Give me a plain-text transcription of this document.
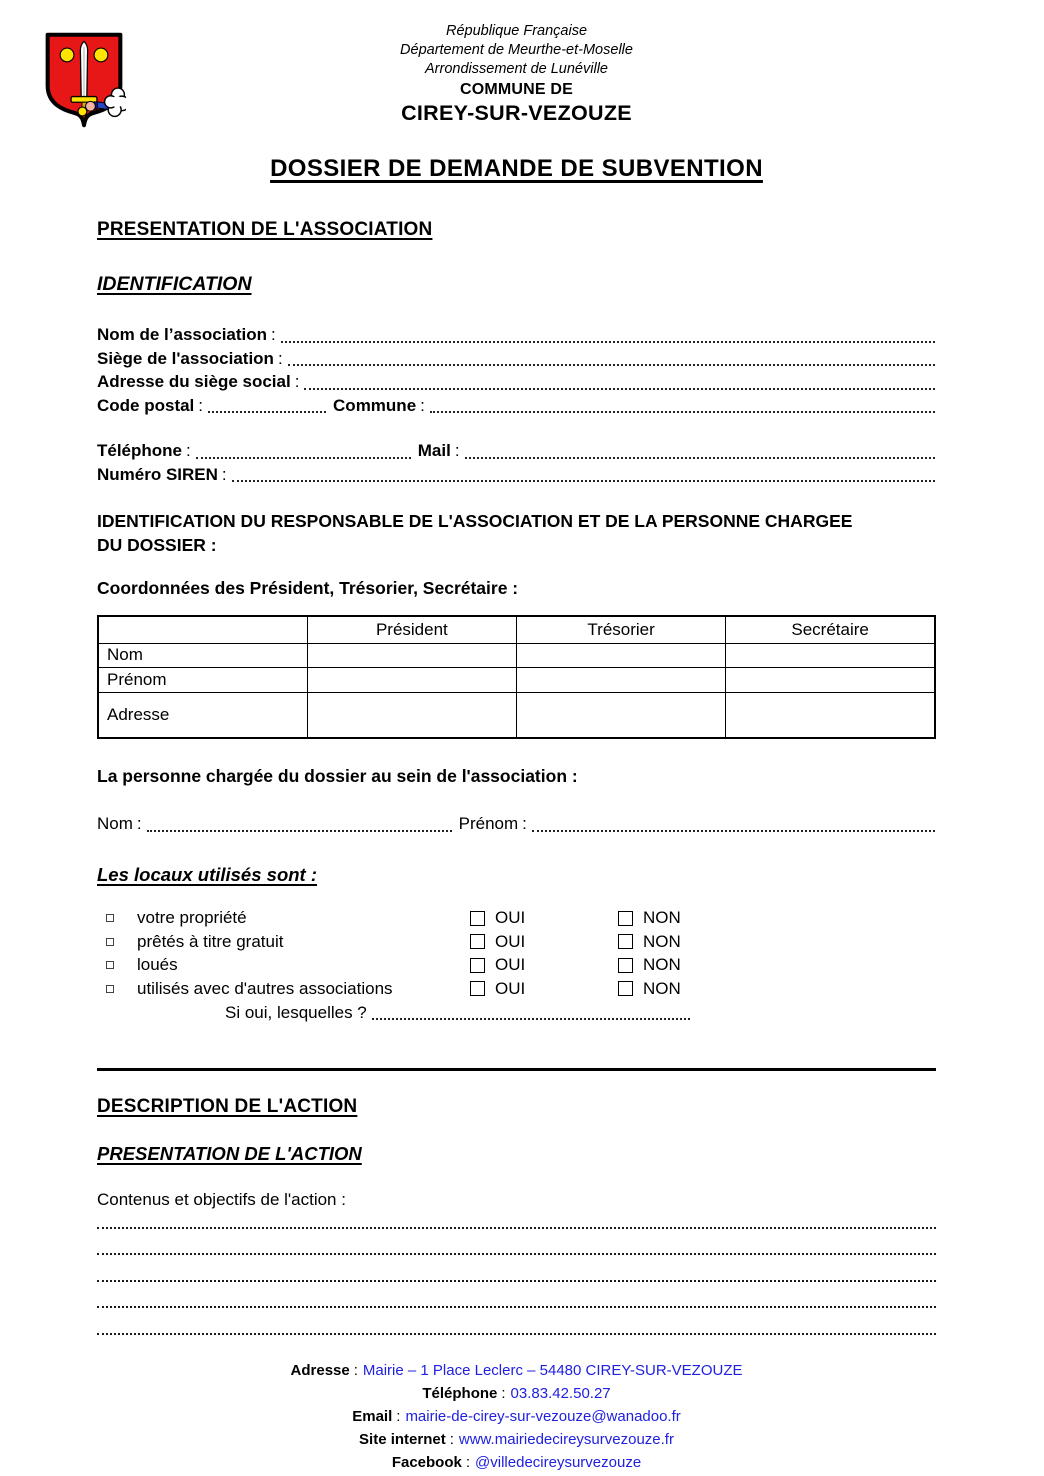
République Française
Département de Meurthe-et-Moselle
Arrondissement de Lunéville
COMMUNE DE
CIREY-SUR-VEZOUZE
DOSSIER DE DEMANDE DE SUBVENTION
PRESENTATION DE L'ASSOCIATION
IDENTIFICATION
Nom de l’association :
Siège de l'association :
Adresse du siège social :
Code postal :	Commune :
Téléphone :	Mail :
Numéro SIREN :
IDENTIFICATION DU RESPONSABLE DE L'ASSOCIATION ET DE LA PERSONNE CHARGEE
DU DOSSIER :
Coordonnées des Président, Trésorier, Secrétaire :
	Président	Trésorier	Secrétaire
Nom			
Prénom			
Adresse			
La personne chargée du dossier au sein de l'association :
Nom :	Prénom :
Les locaux utilisés sont :
votre propriété	OUI	NON
prêtés à titre gratuit	OUI	NON
loués	OUI	NON
utilisés avec d'autres associations	OUI	NON
Si oui, lesquelles ?
DESCRIPTION DE L'ACTION
PRESENTATION DE L'ACTION
Contenus et objectifs de l'action :
Adresse : Mairie – 1 Place Leclerc – 54480 CIREY-SUR-VEZOUZE
Téléphone : 03.83.42.50.27
Email : mairie-de-cirey-sur-vezouze@wanadoo.fr
Site internet : www.mairiedecireysurvezouze.fr
Facebook : @villedecireysurvezouze
